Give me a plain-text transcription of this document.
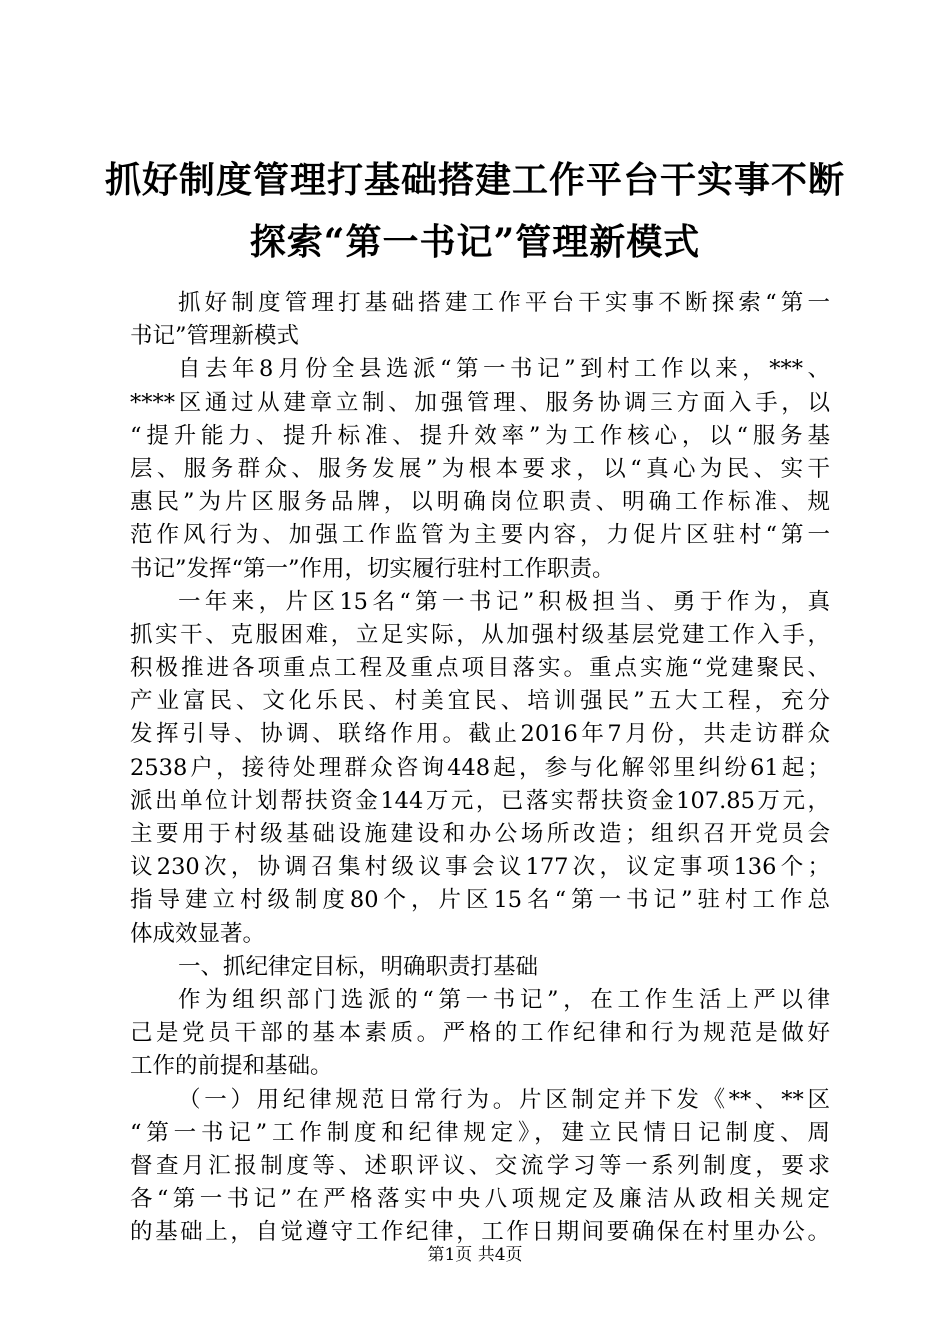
抓好制度管理打基础搭建工作平台干实事不断
探索“第一书记”管理新模式
抓好制度管理打基础搭建工作平台干实事不断探索“第一
书记”管理新模式
自去年8月份全县选派“第一书记”到村工作以来，***、
****区通过从建章立制、加强管理、服务协调三方面入手，以
“提升能力、提升标准、提升效率”为工作核心，以“服务基
层、服务群众、服务发展”为根本要求，以“真心为民、实干
惠民”为片区服务品牌，以明确岗位职责、明确工作标准、规
范作风行为、加强工作监管为主要内容，力促片区驻村“第一
书记”发挥“第一”作用，切实履行驻村工作职责。
一年来，片区15名“第一书记”积极担当、勇于作为，真
抓实干、克服困难，立足实际，从加强村级基层党建工作入手，
积极推进各项重点工程及重点项目落实。重点实施“党建聚民、
产业富民、文化乐民、村美宜民、培训强民”五大工程，充分
发挥引导、协调、联络作用。截止2016年7月份，共走访群众
2538户，接待处理群众咨询448起，参与化解邻里纠纷61起；
派出单位计划帮扶资金144万元，已落实帮扶资金107.85万元，
主要用于村级基础设施建设和办公场所改造；组织召开党员会
议230次，协调召集村级议事会议177次，议定事项136个；
指导建立村级制度80个，片区15名“第一书记”驻村工作总
体成效显著。
一、抓纪律定目标，明确职责打基础
作为组织部门选派的“第一书记”，在工作生活上严以律
己是党员干部的基本素质。严格的工作纪律和行为规范是做好
工作的前提和基础。
（一）用纪律规范日常行为。片区制定并下发《**、**区
“第一书记”工作制度和纪律规定》，建立民情日记制度、周
督查月汇报制度等、述职评议、交流学习等一系列制度，要求
各“第一书记”在严格落实中央八项规定及廉洁从政相关规定
的基础上，自觉遵守工作纪律，工作日期间要确保在村里办公。
第1页 共4页
